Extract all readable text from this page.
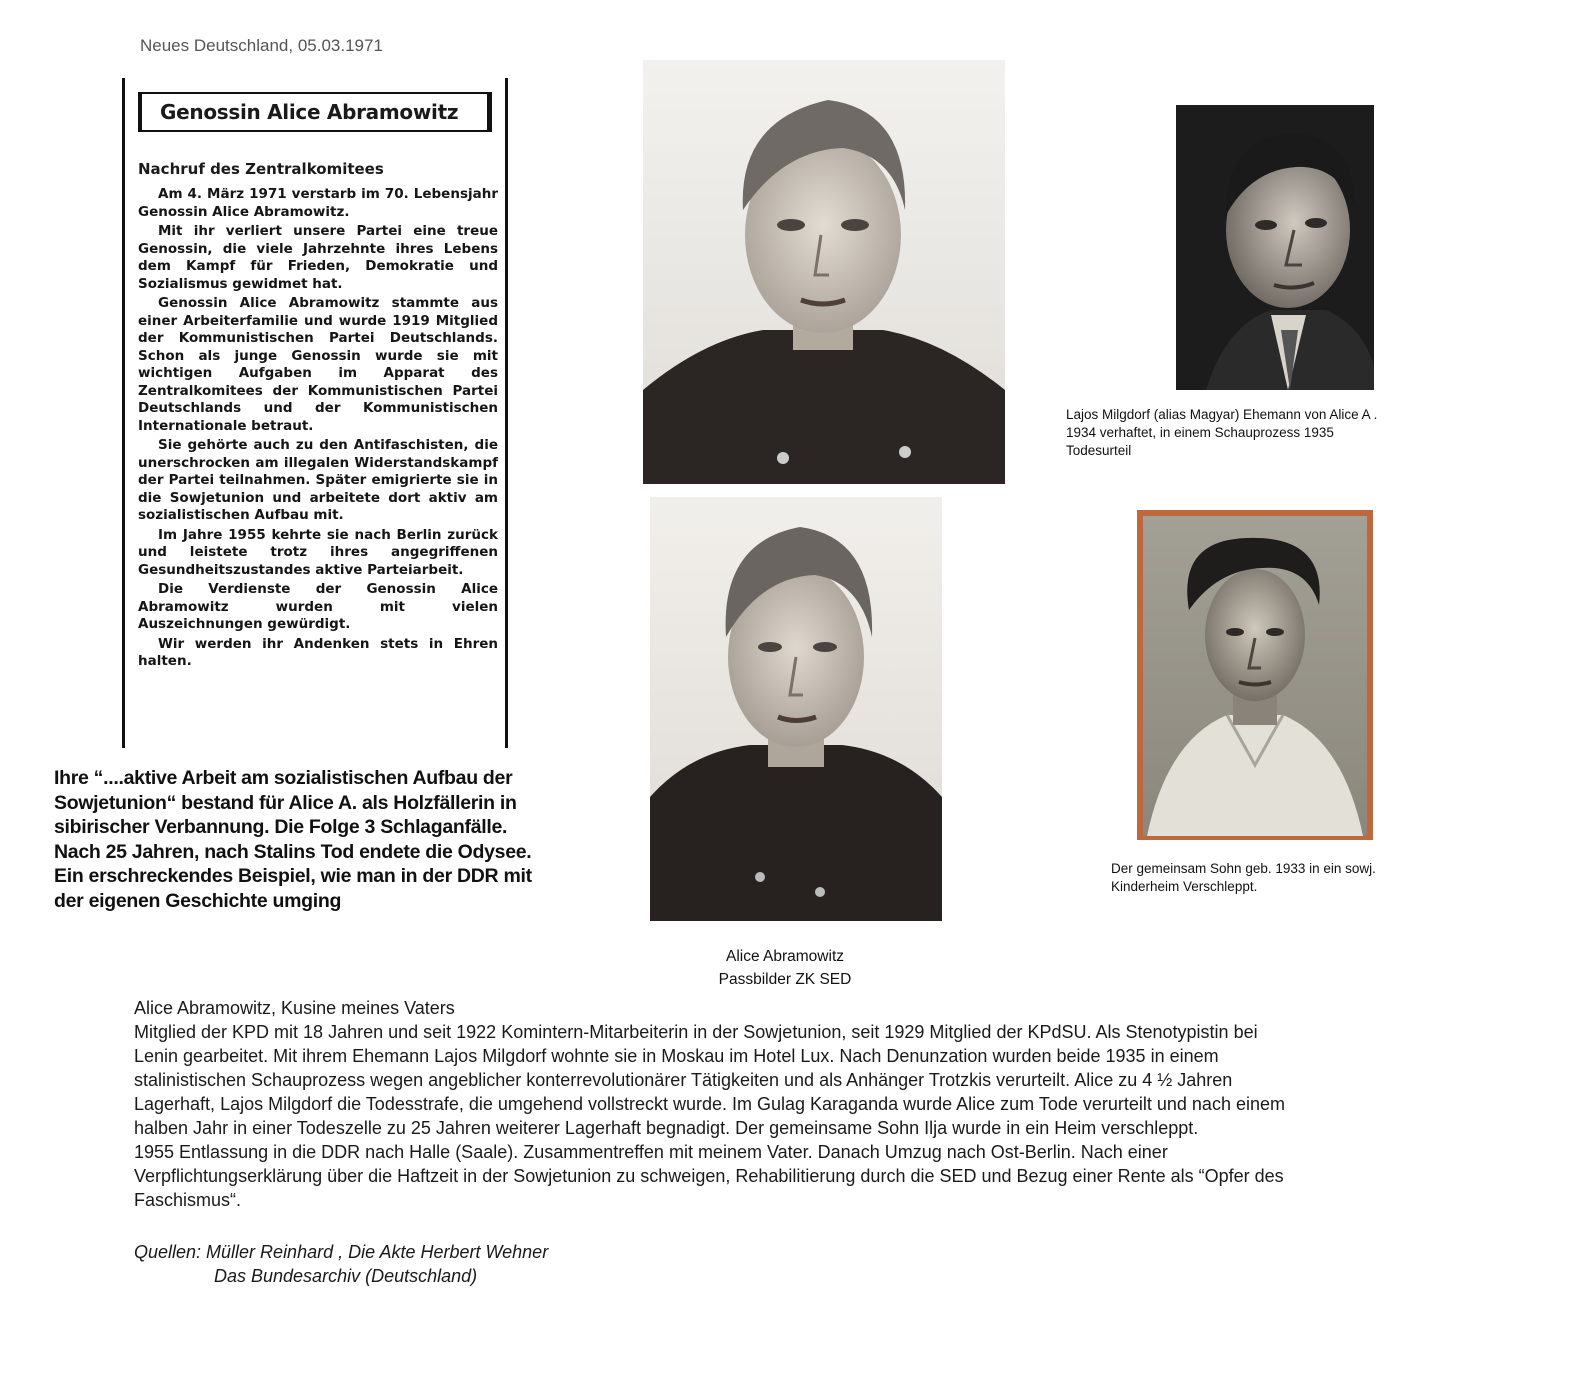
Neues Deutschland, 05.03.1971
Genossin Alice Abramowitz
Nachruf des Zentralkomitees

Am 4. März 1971 verstarb im 70. Lebensjahr Genossin Alice Abramowitz.

Mit ihr verliert unsere Partei eine treue Genossin, die viele Jahrzehnte ihres Lebens dem Kampf für Frieden, Demokratie und Sozialismus gewidmet hat.

Genossin Alice Abramowitz stammte aus einer Arbeiterfamilie und wurde 1919 Mitglied der Kommunistischen Partei Deutschlands. Schon als junge Genossin wurde sie mit wichtigen Aufgaben im Apparat des Zentralkomitees der Kommunistischen Partei Deutschlands und der Kommunistischen Internationale betraut.

Sie gehörte auch zu den Antifaschisten, die unerschrocken am illegalen Widerstandskampf der Partei teilnahmen. Später emigrierte sie in die Sowjetunion und arbeitete dort aktiv am sozialistischen Aufbau mit.

Im Jahre 1955 kehrte sie nach Berlin zurück und leistete trotz ihres angegriffenen Gesundheitszustandes aktive Parteiarbeit.

Die Verdienste der Genossin Alice Abramowitz wurden mit vielen Auszeichnungen gewürdigt.

Wir werden ihr Andenken stets in Ehren halten.

Ihre “....aktive Arbeit am sozialistischen Aufbau der
Sowjetunion“ bestand für Alice A. als Holzfällerin in
sibirischer Verbannung. Die Folge 3 Schlaganfälle.
Nach 25 Jahren, nach Stalins Tod endete die Odysee.
Ein erschreckendes Beispiel, wie man in der DDR mit
der eigenen Geschichte umging
Lajos Milgdorf (alias Magyar) Ehemann von Alice A .
1934 verhaftet, in einem Schauprozess 1935
Todesurteil
Der gemeinsam Sohn geb. 1933 in ein sowj.
Kinderheim Verschleppt.
Alice Abramowitz
Passbilder ZK SED
Alice Abramowitz, Kusine meines Vaters
Mitglied der KPD mit 18 Jahren und seit 1922 Komintern-Mitarbeiterin in der Sowjetunion, seit 1929 Mitglied der KPdSU. Als Stenotypistin bei
Lenin gearbeitet. Mit ihrem Ehemann Lajos Milgdorf wohnte sie in Moskau im Hotel Lux. Nach Denunzation wurden beide 1935 in einem
stalinistischen Schauprozess wegen angeblicher konterrevolutionärer Tätigkeiten und als Anhänger Trotzkis verurteilt. Alice zu 4 ½ Jahren
Lagerhaft, Lajos Milgdorf die Todesstrafe, die umgehend vollstreckt wurde. Im Gulag Karaganda wurde Alice zum Tode verurteilt und nach einem
halben Jahr in einer Todeszelle zu 25 Jahren weiterer Lagerhaft begnadigt. Der gemeinsame Sohn Ilja wurde in ein Heim verschleppt.
1955 Entlassung in die DDR nach Halle (Saale). Zusammentreffen mit meinem Vater. Danach Umzug nach Ost-Berlin. Nach einer
Verpflichtungserklärung über die Haftzeit in der Sowjetunion zu schweigen, Rehabilitierung durch die SED und Bezug einer Rente als “Opfer des
Faschismus“.
Quellen: Müller Reinhard , Die Akte Herbert Wehner
Das Bundesarchiv (Deutschland)
